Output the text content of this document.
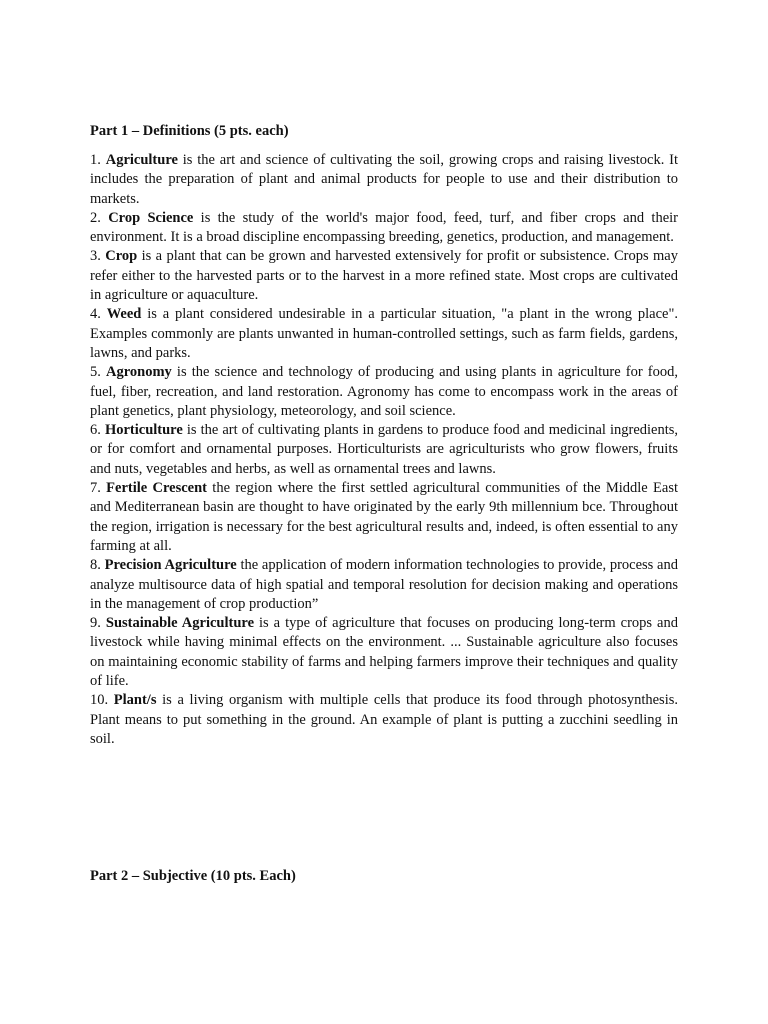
Part 1 – Definitions (5 pts. each)

1. Agriculture is the art and science of cultivating the soil, growing crops and raising livestock. It includes the preparation of plant and animal products for people to use and their distribution to markets.

2. Crop Science is the study of the world's major food, feed, turf, and fiber crops and their environment. It is a broad discipline encompassing breeding, genetics, production, and management.

3. Crop is a plant that can be grown and harvested extensively for profit or subsistence. Crops may refer either to the harvested parts or to the harvest in a more refined state. Most crops are cultivated in agriculture or aquaculture.

4. Weed is a plant considered undesirable in a particular situation, "a plant in the wrong place". Examples commonly are plants unwanted in human-controlled settings, such as farm fields, gardens, lawns, and parks.

5. Agronomy is the science and technology of producing and using plants in agriculture for food, fuel, fiber, recreation, and land restoration. Agronomy has come to encompass work in the areas of plant genetics, plant physiology, meteorology, and soil science.

6. Horticulture is the art of cultivating plants in gardens to produce food and medicinal ingredients, or for comfort and ornamental purposes. Horticulturists are agriculturists who grow flowers, fruits and nuts, vegetables and herbs, as well as ornamental trees and lawns.

7. Fertile Crescent the region where the first settled agricultural communities of the Middle East and Mediterranean basin are thought to have originated by the early 9th millennium bce. Throughout the region, irrigation is necessary for the best agricultural results and, indeed, is often essential to any farming at all.

8. Precision Agriculture the application of modern information technologies to provide, process and analyze multisource data of high spatial and temporal resolution for decision making and operations in the management of crop production”

9. Sustainable Agriculture is a type of agriculture that focuses on producing long-term crops and livestock while having minimal effects on the environment. ... Sustainable agriculture also focuses on maintaining economic stability of farms and helping farmers improve their techniques and quality of life.

10. Plant/s is a living organism with multiple cells that produce its food through photosynthesis. Plant means to put something in the ground. An example of plant is putting a zucchini seedling in soil.

Part 2 – Subjective (10 pts. Each)
